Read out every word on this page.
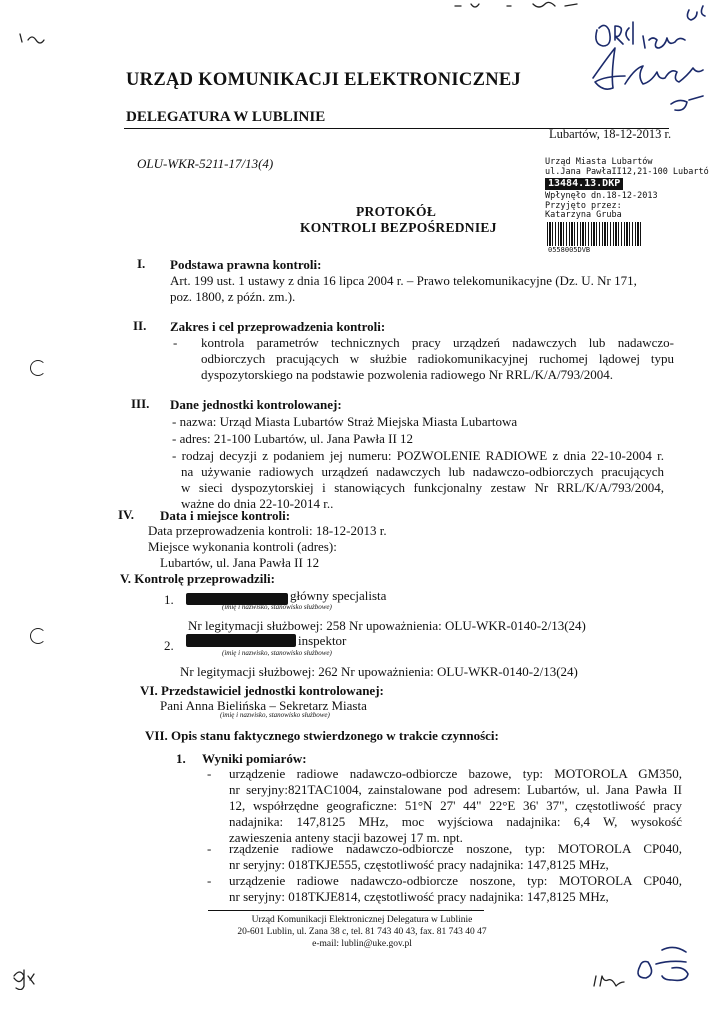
URZĄD KOMUNIKACJI ELEKTRONICZNEJ
DELEGATURA W LUBLINIE
Lubartów, 18-12-2013 r.
OLU-WKR-5211-17/13(4)	Urząd Miasta Lubartów
ul.Jana PawłaII12,21-100 Lubartó
13484.13.DKP
Wpłynęło dn.18-12-2013
Przyjęto przez:
Katarzyna Gruba
0558005DVB
PROTOKÓŁ
KONTROLI BEZPOŚREDNIEJ
I. Podstawa prawna kontroli:
Art. 199 ust. 1 ustawy z dnia 16 lipca 2004 r. – Prawo telekomunikacyjne (Dz. U. Nr 171,
poz. 1800, z późn. zm.).
II. Zakres i cel przeprowadzenia kontroli:
- kontrola parametrów technicznych pracy urządzeń nadawczych lub nadawczo-
odbiorczych pracujących w służbie radiokomunikacyjnej ruchomej lądowej typu
dyspozytorskiego na podstawie pozwolenia radiowego Nr RRL/K/A/793/2004.
III. Dane jednostki kontrolowanej:
- nazwa: Urząd Miasta Lubartów Straż Miejska Miasta Lubartowa
- adres: 21-100 Lubartów, ul. Jana Pawła II 12
- rodzaj decyzji z podaniem jej numeru: POZWOLENIE RADIOWE z dnia 22-10-2004 r.
na używanie radiowych urządzeń nadawczych lub nadawczo-odbiorczych pracujących
w sieci dyspozytorskiej i stanowiących funkcjonalny zestaw Nr RRL/K/A/793/2004,
ważne do dnia 22-10-2014 r..
IV. Data i miejsce kontroli:
Data przeprowadzenia kontroli: 18-12-2013 r.
Miejsce wykonania kontroli (adres):
Lubartów, ul. Jana Pawła II 12
V. Kontrolę przeprowadzili:
1.	główny specjalista
(imię i nazwisko, stanowisko służbowe)
Nr legitymacji służbowej: 258 Nr upoważnienia: OLU-WKR-0140-2/13(24)
2.	inspektor
(imię i nazwisko, stanowisko służbowe)
Nr legitymacji służbowej: 262 Nr upoważnienia: OLU-WKR-0140-2/13(24)
VI. Przedstawiciel jednostki kontrolowanej:
Pani Anna Bielińska – Sekretarz Miasta
(imię i nazwisko, stanowisko służbowe)
VII. Opis stanu faktycznego stwierdzonego w trakcie czynności:
1. Wyniki pomiarów:
- urządzenie radiowe nadawczo-odbiorcze bazowe, typ: MOTOROLA GM350,
nr seryjny:821TAC1004, zainstalowane pod adresem: Lubartów, ul. Jana Pawła II
12, współrzędne geograficzne: 51°N 27' 44" 22°E 36' 37", częstotliwość pracy
nadajnika: 147,8125 MHz, moc wyjściowa nadajnika: 6,4 W, wysokość
zawieszenia anteny stacji bazowej 17 m. npt.
- rządzenie radiowe nadawczo-odbiorcze noszone, typ: MOTOROLA CP040,
nr seryjny: 018TKJE555, częstotliwość pracy nadajnika: 147,8125 MHz,
- urządzenie radiowe nadawczo-odbiorcze noszone, typ: MOTOROLA CP040,
nr seryjny: 018TKJE814, częstotliwość pracy nadajnika: 147,8125 MHz,
Urząd Komunikacji Elektronicznej Delegatura w Lublinie
20-601 Lublin, ul. Zana 38 c, tel. 81 743 40 43, fax. 81 743 40 47
e-mail: lublin@uke.gov.pl
